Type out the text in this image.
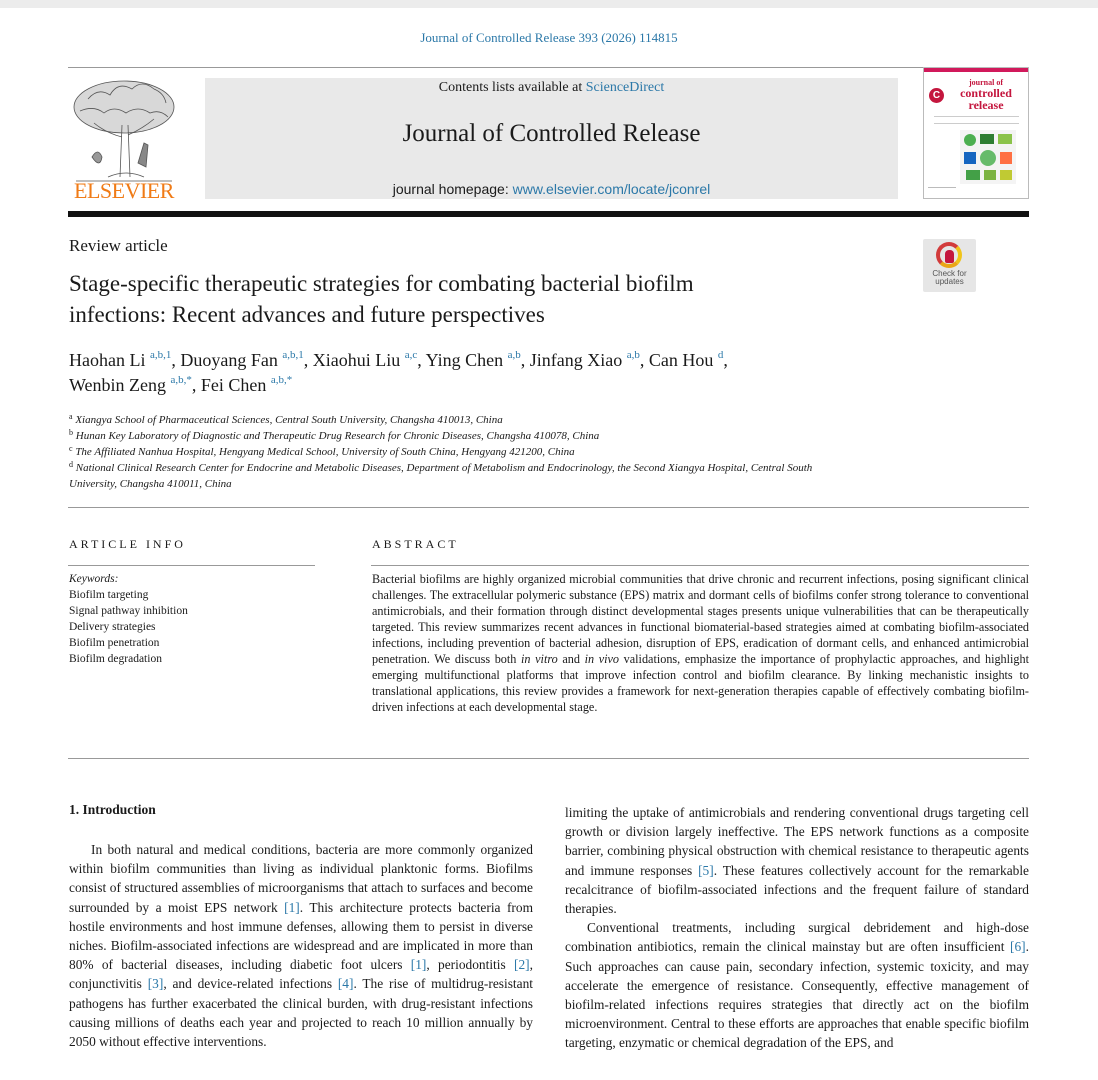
Journal of Controlled Release 393 (2026) 114815
ELSEVIER
Contents lists available at ScienceDirect
Journal of Controlled Release
journal homepage: www.elsevier.com/locate/jconrel
C
journal of
controlled release
Review article
Check for
updates
Stage-specific therapeutic strategies for combating bacterial biofilm
infections: Recent advances and future perspectives
Haohan Li $^{a,b,1}$, Duoyang Fan $^{a,b,1}$, Xiaohui Liu $^{a,c}$, Ying Chen $^{a,b}$, Jinfang Xiao $^{a,b}$, Can Hou $^d$,
Wenbin Zeng $^{a,b,*}$, Fei Chen $^{a,b,*}$
$^a$ Xiangya School of Pharmaceutical Sciences, Central South University, Changsha 410013, China
$^b$ Hunan Key Laboratory of Diagnostic and Therapeutic Drug Research for Chronic Diseases, Changsha 410078, China
$^c$ The Affiliated Nanhua Hospital, Hengyang Medical School, University of South China, Hengyang 421200, China
$^d$ National Clinical Research Center for Endocrine and Metabolic Diseases, Department of Metabolism and Endocrinology, the Second Xiangya Hospital, Central South
University, Changsha 410011, China
ARTICLE INFO	ABSTRACT
Keywords:
Biofilm targeting
Signal pathway inhibition
Delivery strategies
Biofilm penetration
Biofilm degradation
Bacterial biofilms are highly organized microbial communities that drive chronic and recurrent infections, posing significant clinical challenges. The extracellular polymeric substance (EPS) matrix and dormant cells of biofilms confer strong tolerance to conventional antimicrobials, and their formation through distinct developmental stages presents unique vulnerabilities that can be therapeutically targeted. This review summarizes recent advances in functional biomaterial-based strategies aimed at combating biofilm-associated infections, including prevention of bacterial adhesion, disruption of EPS, eradication of dormant cells, and enhanced antimicrobial penetration. We discuss both in vitro and in vivo validations, emphasize the importance of prophylactic approaches, and highlight emerging multifunctional platforms that improve infection control and biofilm clearance. By linking mechanistic insights to translational applications, this review provides a framework for next-generation therapies capable of effectively combating biofilm-driven infections at each developmental stage.
1. Introduction

In both natural and medical conditions, bacteria are more commonly organized within biofilm communities than living as individual planktonic forms. Biofilms consist of structured assemblies of microorganisms that attach to surfaces and become surrounded by a moist EPS network [1]. This architecture protects bacteria from hostile environments and host immune defenses, allowing them to persist in diverse niches. Biofilm-associated infections are widespread and are implicated in more than 80% of bacterial diseases, including diabetic foot ulcers [1], periodontitis [2], conjunctivitis [3], and device-related infections [4]. The rise of multidrug-resistant pathogens has further exacerbated the clinical burden, with drug-resistant infections causing millions of deaths each year and projected to reach 10 million annually by 2050 without effective interventions.

limiting the uptake of antimicrobials and rendering conventional drugs targeting cell growth or division largely ineffective. The EPS network functions as a composite barrier, combining physical obstruction with chemical resistance to therapeutic agents and immune responses [5]. These features collectively account for the remarkable recalcitrance of biofilm-associated infections and the frequent failure of standard therapies.

Conventional treatments, including surgical debridement and high-dose combination antibiotics, remain the clinical mainstay but are often insufficient [6]. Such approaches can cause pain, secondary infection, systemic toxicity, and may accelerate the emergence of resistance. Consequently, effective management of biofilm-related infections requires strategies that directly act on the biofilm microenvironment. Central to these efforts are approaches that enable specific biofilm targeting, enzymatic or chemical degradation of the EPS, and
